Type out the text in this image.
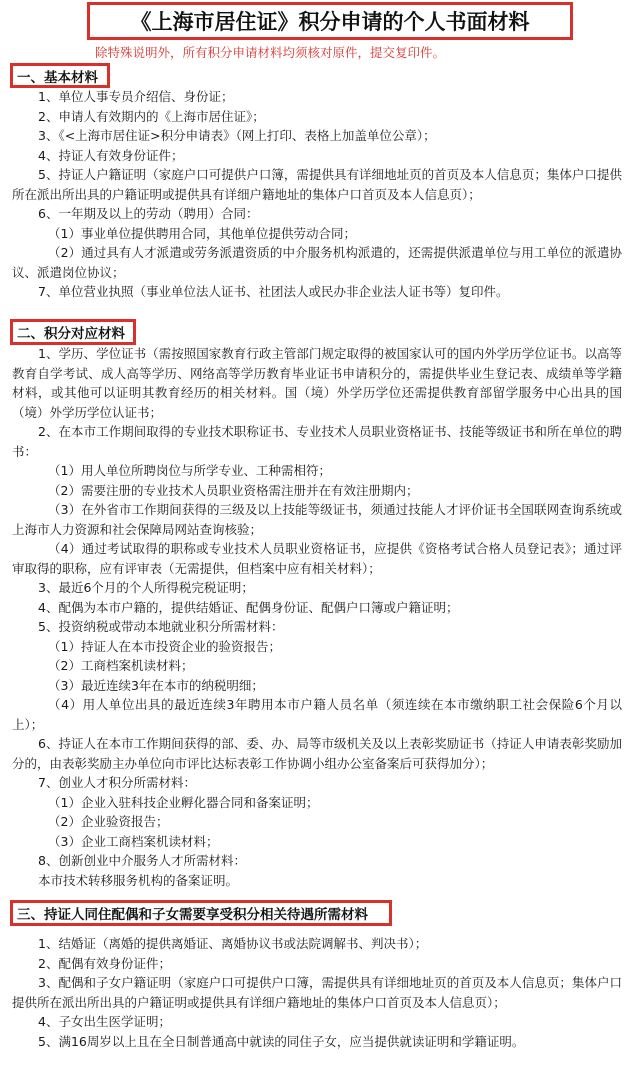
《上海市居住证》积分申请的个人书面材料
除特殊说明外，所有积分申请材料均须核对原件，提交复印件。
一、基本材料
1、单位人事专员介绍信、身份证；
2、申请人有效期内的《上海市居住证》；
3、《<上海市居住证>积分申请表》（网上打印、表格上加盖单位公章）；
4、持证人有效身份证件；
5、持证人户籍证明（家庭户口可提供户口簿，需提供具有详细地址页的首页及本人信息页；集体户口提供所在派出所出具的户籍证明或提供具有详细户籍地址的集体户口首页及本人信息页）；
6、一年期及以上的劳动（聘用）合同：
（1）事业单位提供聘用合同，其他单位提供劳动合同；
（2）通过具有人才派遣或劳务派遣资质的中介服务机构派遣的，还需提供派遣单位与用工单位的派遣协议、派遣岗位协议；
7、单位营业执照（事业单位法人证书、社团法人或民办非企业法人证书等）复印件。
二、积分对应材料
1、学历、学位证书（需按照国家教育行政主管部门规定取得的被国家认可的国内外学历学位证书。以高等教育自学考试、成人高等学历、网络高等学历教育毕业证书申请积分的，需提供毕业生登记表、成绩单等学籍材料，或其他可以证明其教育经历的相关材料。国（境）外学历学位还需提供教育部留学服务中心出具的国（境）外学历学位认证书；
2、在本市工作期间取得的专业技术职称证书、专业技术人员职业资格证书、技能等级证书和所在单位的聘书：
（1）用人单位所聘岗位与所学专业、工种需相符；
（2）需要注册的专业技术人员职业资格需注册并在有效注册期内；
（3）在外省市工作期间获得的三级及以上技能等级证书，须通过技能人才评价证书全国联网查询系统或上海市人力资源和社会保障局网站查询核验；
（4）通过考试取得的职称或专业技术人员职业资格证书，应提供《资格考试合格人员登记表》；通过评审取得的职称，应有评审表（无需提供，但档案中应有相关材料）；
3、最近6个月的个人所得税完税证明；
4、配偶为本市户籍的，提供结婚证、配偶身份证、配偶户口簿或户籍证明；
5、投资纳税或带动本地就业积分所需材料：
（1）持证人在本市投资企业的验资报告；
（2）工商档案机读材料；
（3）最近连续3年在本市的纳税明细；
（4）用人单位出具的最近连续3年聘用本市户籍人员名单（须连续在本市缴纳职工社会保险6个月以上）；
6、持证人在本市工作期间获得的部、委、办、局等市级机关及以上表彰奖励证书（持证人申请表彰奖励加分的，由表彰奖励主办单位向市评比达标表彰工作协调小组办公室备案后可获得加分）；
7、创业人才积分所需材料：
（1）企业入驻科技企业孵化器合同和备案证明；
（2）企业验资报告；
（3）企业工商档案机读材料；
8、创新创业中介服务人才所需材料：
本市技术转移服务机构的备案证明。
三、持证人同住配偶和子女需要享受积分相关待遇所需材料
1、结婚证（离婚的提供离婚证、离婚协议书或法院调解书、判决书）；
2、配偶有效身份证件；
3、配偶和子女户籍证明（家庭户口可提供户口簿，需提供具有详细地址页的首页及本人信息页；集体户口提供所在派出所出具的户籍证明或提供具有详细户籍地址的集体户口首页及本人信息页）；
4、子女出生医学证明；
5、满16周岁以上且在全日制普通高中就读的同住子女，应当提供就读证明和学籍证明。
